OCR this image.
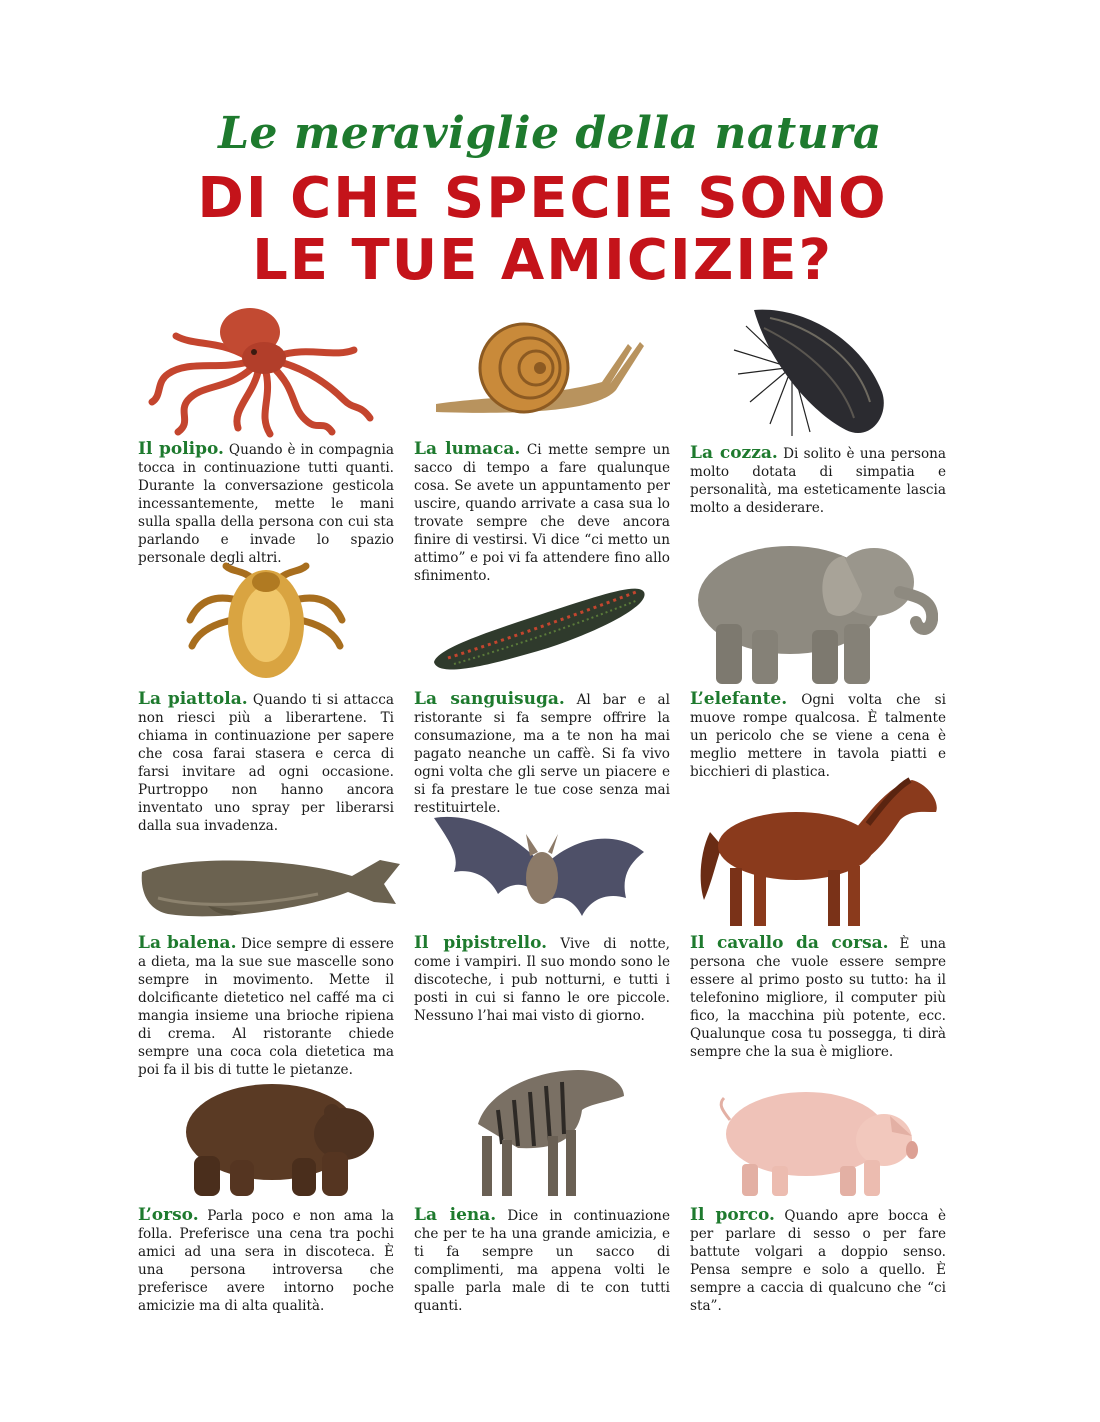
Le meraviglie della natura
DI CHE SPECIE SONO
LE TUE AMICIZIE?

Il polipo. Quando è in compagnia tocca in continuazione tutti quanti. Durante la conversazione gesticola incessantemente, mette le mani sulla spalla della persona con cui sta parlando e invade lo spazio personale degli altri.

La lumaca. Ci mette sempre un sacco di tempo a fare qualunque cosa. Se avete un appuntamento per uscire, quando arrivate a casa sua lo trovate sempre che deve ancora finire di vestirsi. Vi dice “ci metto un attimo” e poi vi fa attendere fino allo sfinimento.

La cozza. Di solito è una persona molto dotata di simpatia e personalità, ma esteticamente lascia molto a desiderare.

La piattola. Quando ti si attacca non riesci più a liberartene. Ti chiama in continuazione per sapere che cosa farai stasera e cerca di farsi invitare ad ogni occasione. Purtroppo non hanno ancora inventato uno spray per liberarsi dalla sua invadenza.

La sanguisuga. Al bar e al ristorante si fa sempre offrire la consumazione, ma a te non ha mai pagato neanche un caffè. Si fa vivo ogni volta che gli serve un piacere e si fa prestare le tue cose senza mai restituirtele.

L’elefante. Ogni volta che si muove rompe qualcosa. È talmente un pericolo che se viene a cena è meglio mettere in tavola piatti e bicchieri di plastica.

La balena. Dice sempre di essere a dieta, ma la sue sue mascelle sono sempre in movimento. Mette il dolcificante dietetico nel caffé ma ci mangia insieme una brioche ripiena di crema. Al ristorante chiede sempre una coca cola dietetica ma poi fa il bis di tutte le pietanze.

Il pipistrello. Vive di notte, come i vampiri. Il suo mondo sono le discoteche, i pub notturni, e tutti i posti in cui si fanno le ore piccole. Nessuno l’hai mai visto di giorno.

Il cavallo da corsa. È una persona che vuole essere sempre essere al primo posto su tutto: ha il telefonino migliore, il computer più fico, la macchina più potente, ecc. Qualunque cosa tu possegga, ti dirà sempre che la sua è migliore.

L’orso. Parla poco e non ama la folla. Preferisce una cena tra pochi amici ad una sera in discoteca. È una persona introversa che preferisce avere intorno poche amicizie ma di alta qualità.

La iena. Dice in continuazione che per te ha una grande amicizia, e ti fa sempre un sacco di complimenti, ma appena volti le spalle parla male di te con tutti quanti.

Il porco. Quando apre bocca è per parlare di sesso o per fare battute volgari a doppio senso. Pensa sempre e solo a quello. È sempre a caccia di qualcuno che “ci sta”.
